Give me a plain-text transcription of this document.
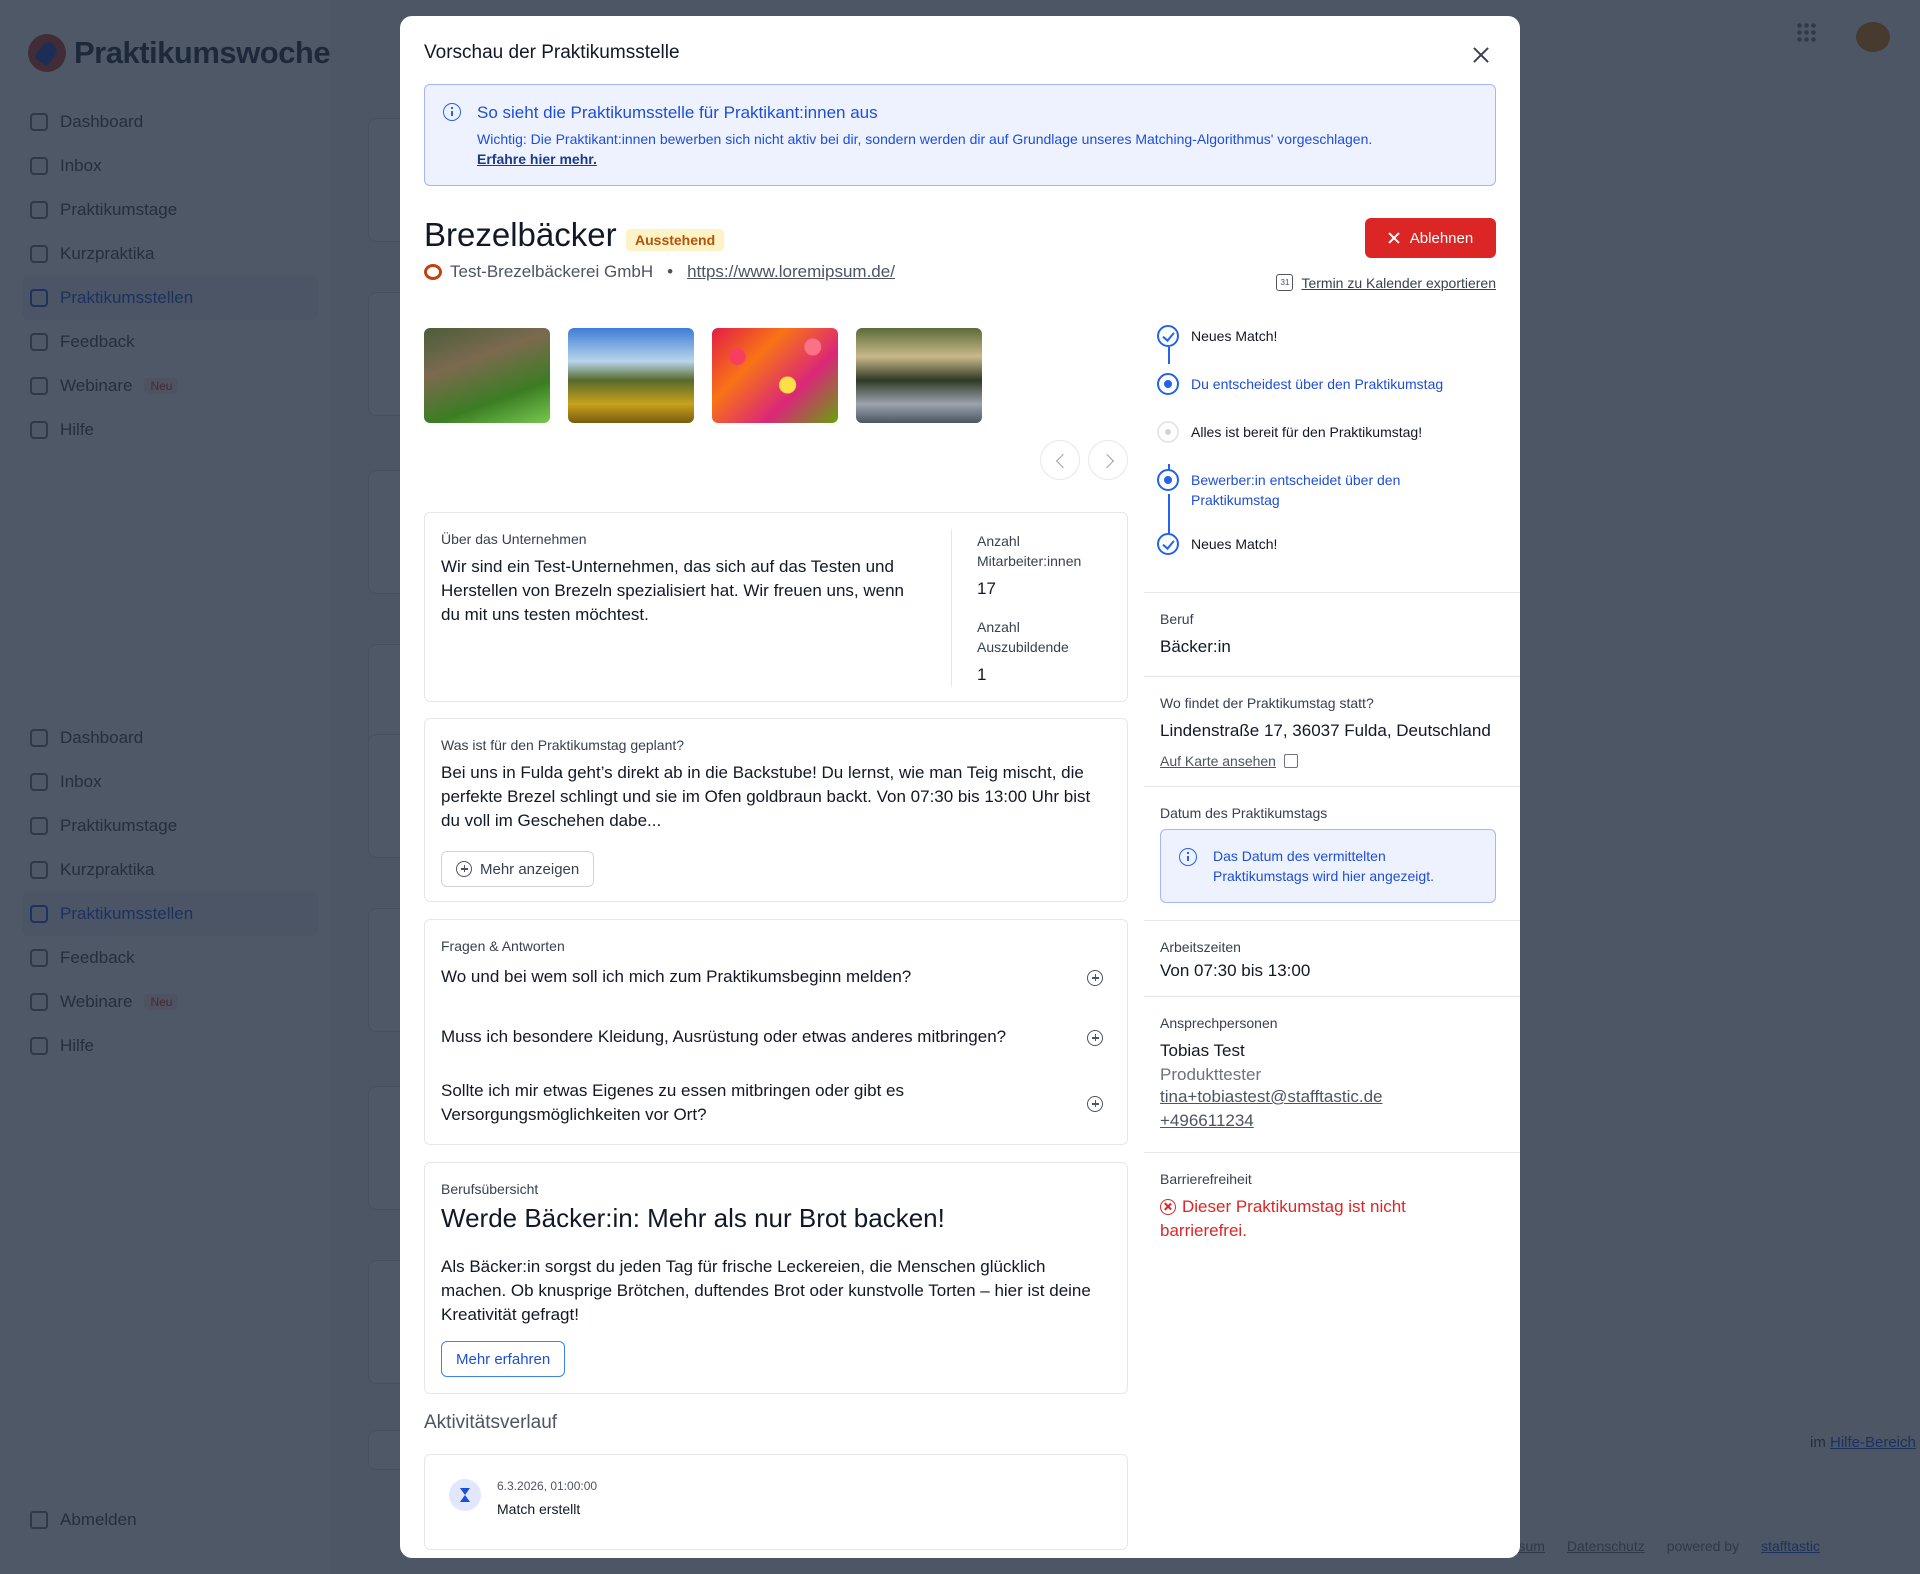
Vorschau der Praktikumsstelle
So sieht die Praktikumsstelle für Praktikant:innen aus
Wichtig: Die Praktikant:innen bewerben sich nicht aktiv bei dir, sondern werden dir auf Grundlage unseres Matching-Algorithmus' vorgeschlagen.
Erfahre hier mehr.
Brezelbäcker	Ausstehend
Test-Brezelbäckerei GmbH • https://www.loremipsum.de/
Ablehnen
31 Termin zu Kalender exportieren
Über das Unternehmen
Wir sind ein Test-Unternehmen, das sich auf das Testen und Herstellen von Brezeln spezialisiert hat. Wir freuen uns, wenn du mit uns testen möchtest.
Anzahl Mitarbeiter:innen
17
Anzahl Auszubildende
1
Was ist für den Praktikumstag geplant?
Bei uns in Fulda geht’s direkt ab in die Backstube! Du lernst, wie man Teig mischt, die perfekte Brezel schlingt und sie im Ofen goldbraun backt. Von 07:30 bis 13:00 Uhr bist du voll im Geschehen dabe...
Mehr anzeigen
Fragen & Antworten
Wo und bei wem soll ich mich zum Praktikumsbeginn melden?
Muss ich besondere Kleidung, Ausrüstung oder etwas anderes mitbringen?
Sollte ich mir etwas Eigenes zu essen mitbringen oder gibt es Versorgungsmöglichkeiten vor Ort?
Berufsübersicht
Werde Bäcker:in: Mehr als nur Brot backen!
Als Bäcker:in sorgst du jeden Tag für frische Leckereien, die Menschen glücklich machen. Ob knusprige Brötchen, duftendes Brot oder kunstvolle Torten – hier ist deine Kreativität gefragt!
Mehr erfahren
Aktivitätsverlauf
6.3.2026, 01:00:00
Match erstellt
Neues Match!
Du entscheidest über den Praktikumstag
Alles ist bereit für den Praktikumstag!
Bewerber:in entscheidet über den Praktikumstag
Neues Match!
Beruf
Bäcker:in
Wo findet der Praktikumstag statt?
Lindenstraße 17, 36037 Fulda, Deutschland
Auf Karte ansehen
Datum des Praktikumstags
Das Datum des vermittelten Praktikumstags wird hier angezeigt.
Arbeitszeiten
Von 07:30 bis 13:00
Ansprechpersonen
Tobias Test
Produkttester
tina+tobiastest@stafftastic.de
+496611234
Barrierefreiheit
Dieser Praktikumstag ist nicht barrierefrei.
